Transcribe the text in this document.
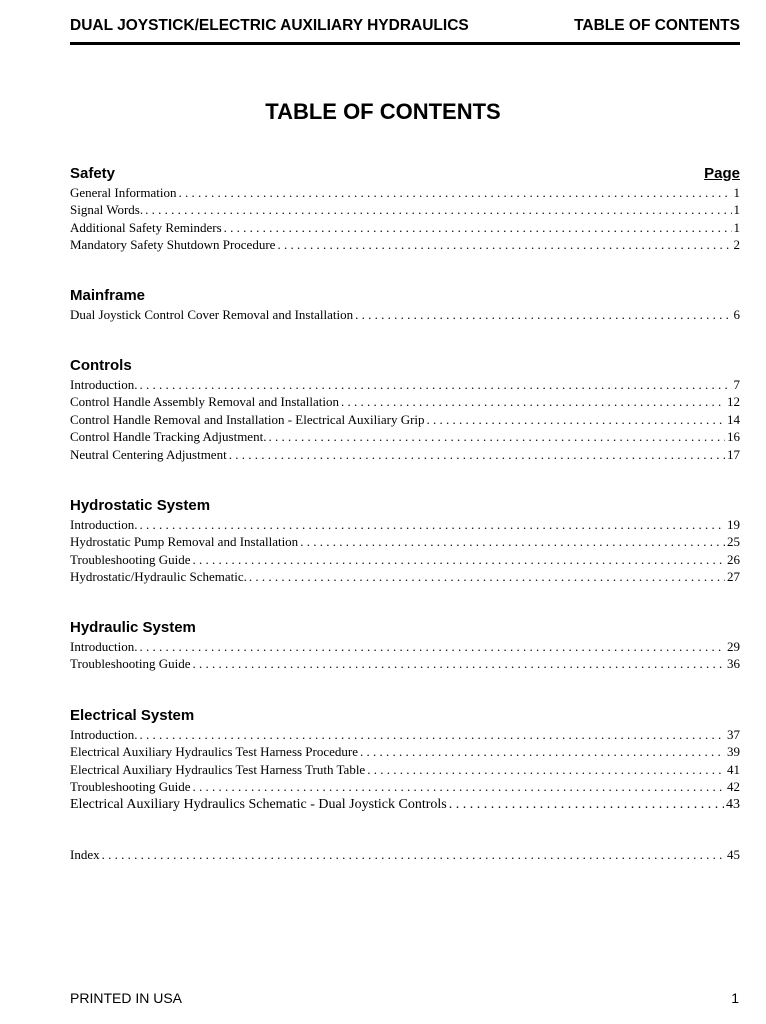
DUAL JOYSTICK/ELECTRIC AUXILIARY HYDRAULICS	TABLE OF CONTENTS
TABLE OF CONTENTS
Safety	Page
General Information . . .	1
Signal Words. . . .	1
Additional Safety Reminders . . .	1
Mandatory Safety Shutdown Procedure . . .	2
Mainframe
Dual Joystick Control Cover Removal and Installation . . .	6
Controls
Introduction. . . .	7
Control Handle Assembly Removal and Installation . . .	12
Control Handle Removal and Installation - Electrical Auxiliary Grip . . .	14
Control Handle Tracking Adjustment. . . .	16
Neutral Centering Adjustment . . .	17
Hydrostatic System
Introduction. . . .	19
Hydrostatic Pump Removal and Installation . . .	25
Troubleshooting Guide . . .	26
Hydrostatic/Hydraulic Schematic. . . .	27
Hydraulic System
Introduction. . . .	29
Troubleshooting Guide . . .	36
Electrical System
Introduction. . . .	37
Electrical Auxiliary Hydraulics Test Harness Procedure . . .	39
Electrical Auxiliary Hydraulics Test Harness Truth Table . . .	41
Troubleshooting Guide . . .	42
Electrical Auxiliary Hydraulics Schematic - Dual Joystick Controls . . .	43
Index . . .	45
PRINTED IN USA	1
